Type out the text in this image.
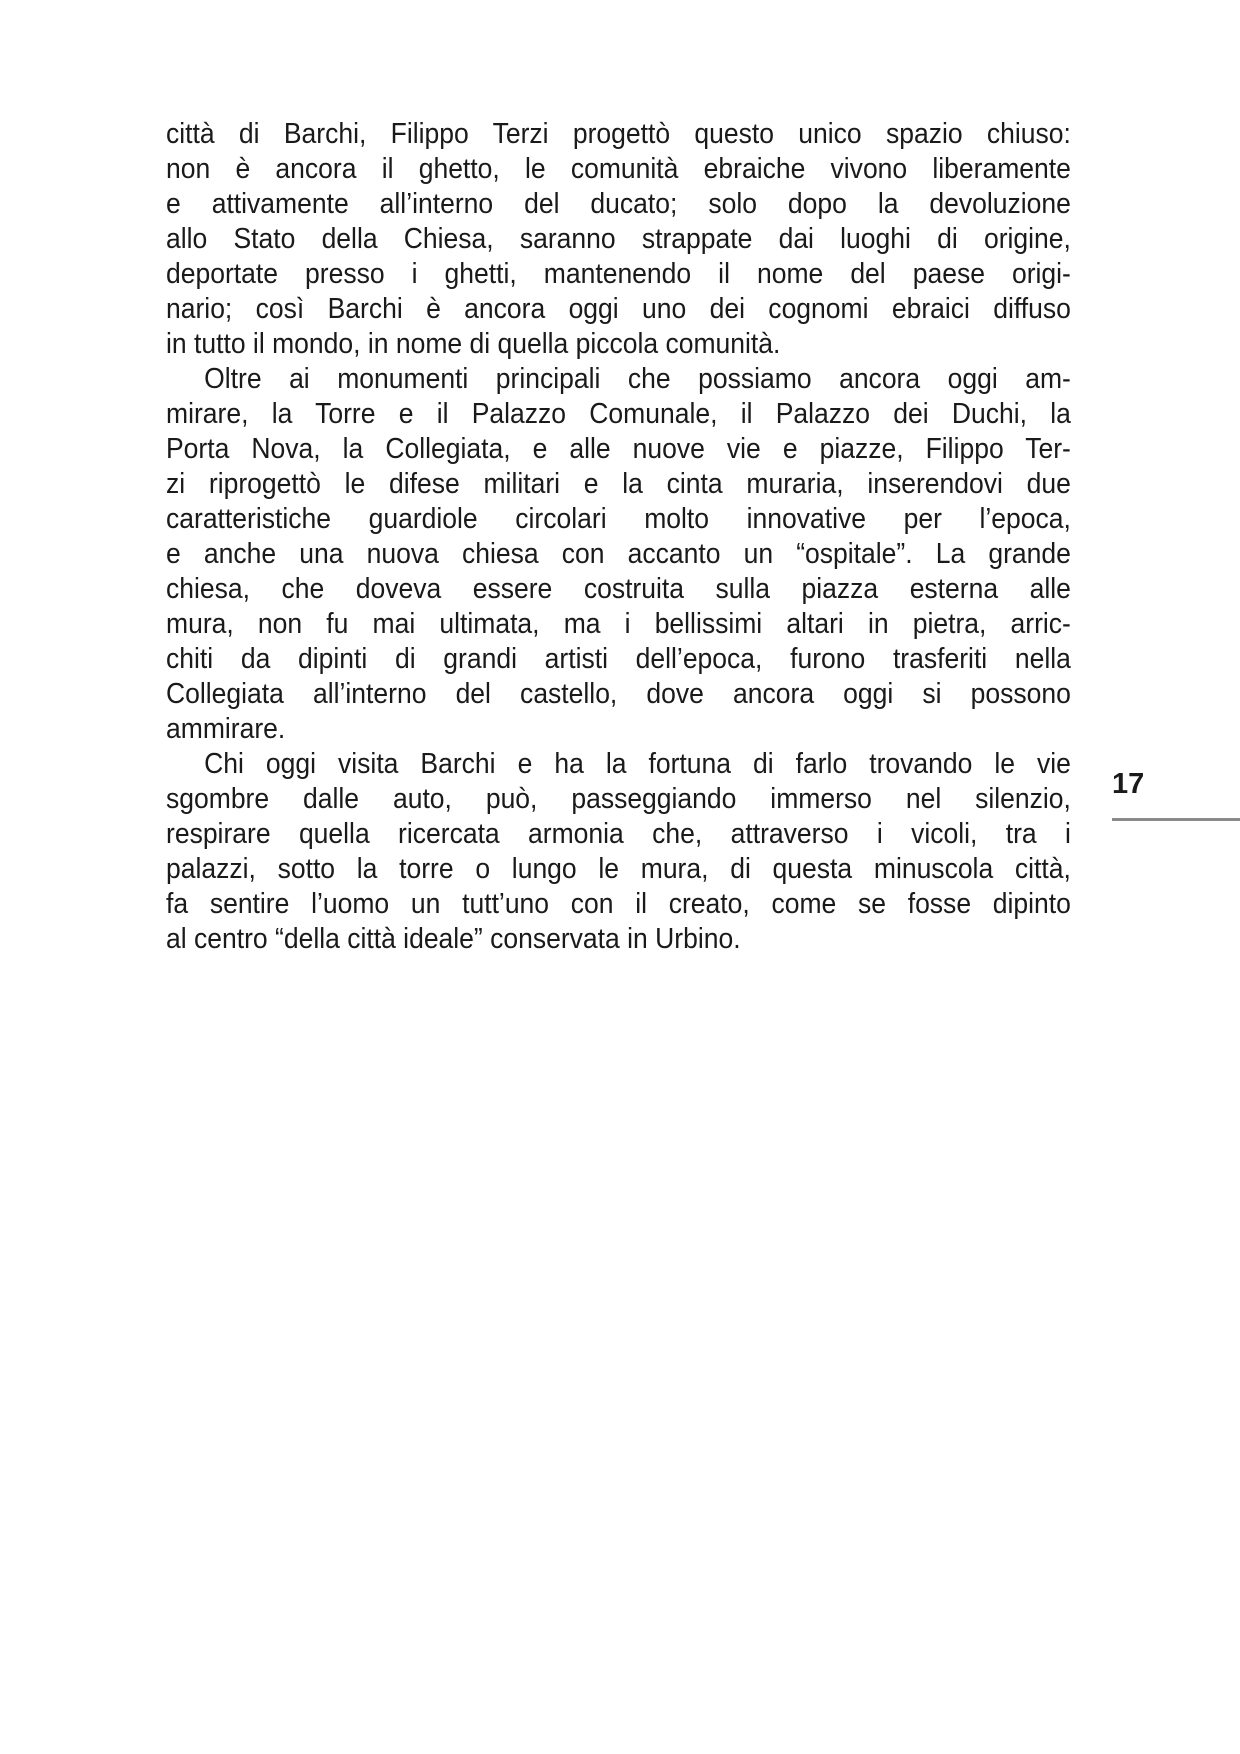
città di Barchi, Filippo Terzi progettò questo unico spazio chiuso:
non è ancora il ghetto, le comunità ebraiche vivono liberamente
e attivamente all’interno del ducato; solo dopo la devoluzione
allo Stato della Chiesa, saranno strappate dai luoghi di origine,
deportate presso i ghetti, mantenendo il nome del paese origi-
nario; così Barchi è ancora oggi uno dei cognomi ebraici diffuso
in tutto il mondo, in nome di quella piccola comunità.
Oltre ai monumenti principali che possiamo ancora oggi am-
mirare, la Torre e il Palazzo Comunale, il Palazzo dei Duchi, la
Porta Nova, la Collegiata, e alle nuove vie e piazze, Filippo Ter-
zi riprogettò le difese militari e la cinta muraria, inserendovi due
caratteristiche guardiole circolari molto innovative per l’epoca,
e anche una nuova chiesa con accanto un “ospitale”. La grande
chiesa, che doveva essere costruita sulla piazza esterna alle
mura, non fu mai ultimata, ma i bellissimi altari in pietra, arric-
chiti da dipinti di grandi artisti dell’epoca, furono trasferiti nella
Collegiata all’interno del castello, dove ancora oggi si possono
ammirare.
Chi oggi visita Barchi e ha la fortuna di farlo trovando le vie
sgombre dalle auto, può, passeggiando immerso nel silenzio,
respirare quella ricercata armonia che, attraverso i vicoli, tra i
palazzi, sotto la torre o lungo le mura, di questa minuscola città,
fa sentire l’uomo un tutt’uno con il creato, come se fosse dipinto
al centro “della città ideale” conservata in Urbino.
17
